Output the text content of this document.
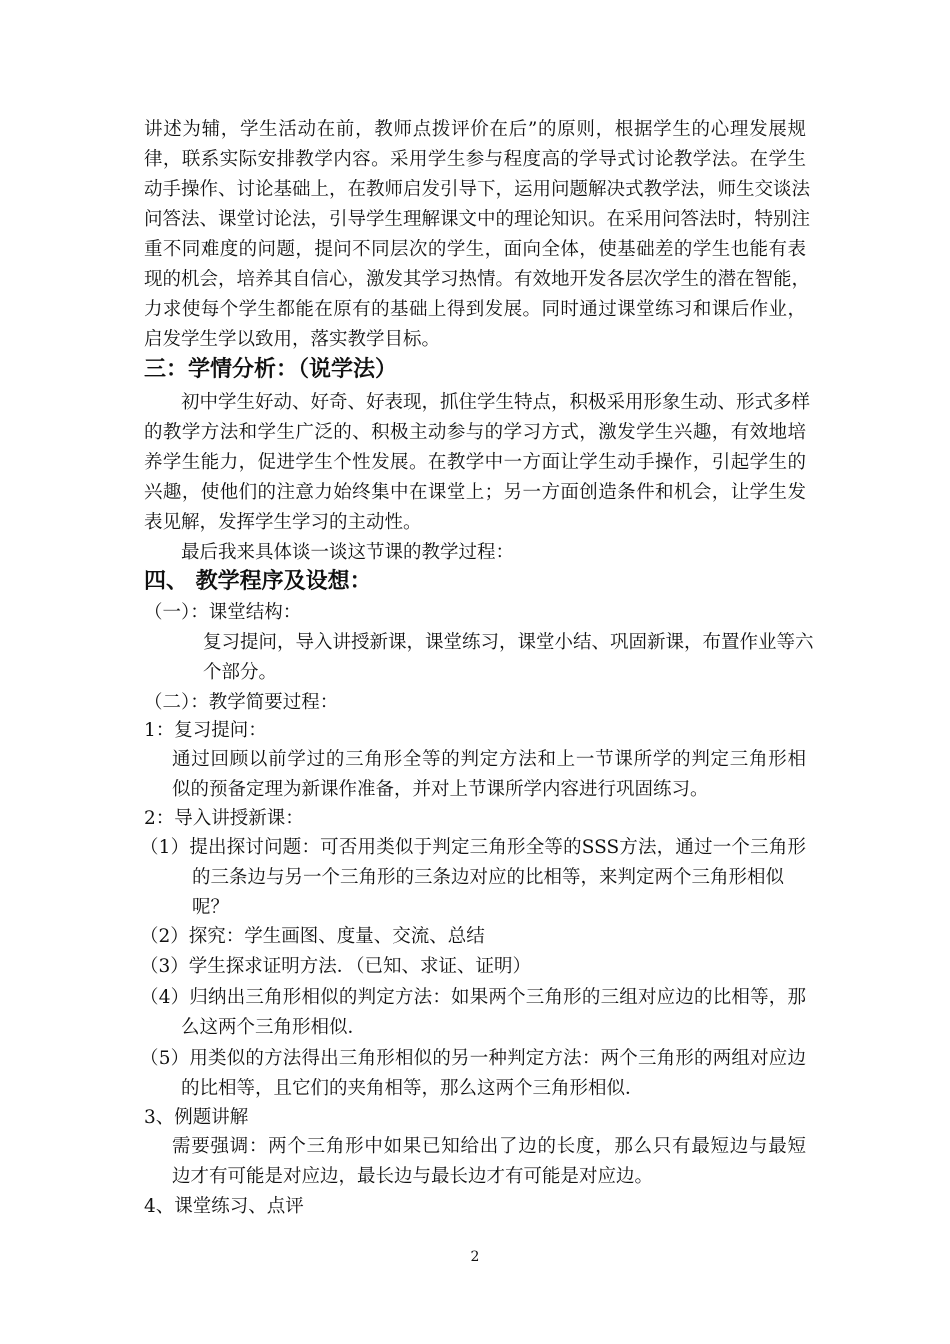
讲述为辅，学生活动在前，教师点拨评价在后”的原则，根据学生的心理发展规
律，联系实际安排教学内容。采用学生参与程度高的学导式讨论教学法。在学生
动手操作、讨论基础上，在教师启发引导下，运用问题解决式教学法，师生交谈法
问答法、课堂讨论法，引导学生理解课文中的理论知识。在采用问答法时，特别注
重不同难度的问题，提问不同层次的学生，面向全体，使基础差的学生也能有表
现的机会，培养其自信心，激发其学习热情。有效地开发各层次学生的潜在智能，
力求使每个学生都能在原有的基础上得到发展。同时通过课堂练习和课后作业，
启发学生学以致用，落实教学目标。
三：学情分析：（说学法）
初中学生好动、好奇、好表现，抓住学生特点，积极采用形象生动、形式多样
的教学方法和学生广泛的、积极主动参与的学习方式，激发学生兴趣，有效地培
养学生能力，促进学生个性发展。在教学中一方面让学生动手操作，引起学生的
兴趣，使他们的注意力始终集中在课堂上；另一方面创造条件和机会，让学生发
表见解，发挥学生学习的主动性。
最后我来具体谈一谈这节课的教学过程：
四、 教学程序及设想：
（一）：课堂结构：
复习提问，导入讲授新课，课堂练习，课堂小结、巩固新课，布置作业等六
个部分。
（二）：教学简要过程：
1：复习提问：
通过回顾以前学过的三角形全等的判定方法和上一节课所学的判定三角形相
似的预备定理为新课作准备，并对上节课所学内容进行巩固练习。
2：导入讲授新课：
（1）提出探讨问题：可否用类似于判定三角形全等的SSS方法，通过一个三角形
的三条边与另一个三角形的三条边对应的比相等，来判定两个三角形相似
呢？
（2）探究：学生画图、度量、交流、总结
（3）学生探求证明方法．（已知、求证、证明）
（4）归纳出三角形相似的判定方法：如果两个三角形的三组对应边的比相等，那
么这两个三角形相似．
（5）用类似的方法得出三角形相似的另一种判定方法：两个三角形的两组对应边
的比相等，且它们的夹角相等，那么这两个三角形相似．
3、例题讲解
需要强调：两个三角形中如果已知给出了边的长度，那么只有最短边与最短
边才有可能是对应边，最长边与最长边才有可能是对应边。
4、课堂练习、点评
2
